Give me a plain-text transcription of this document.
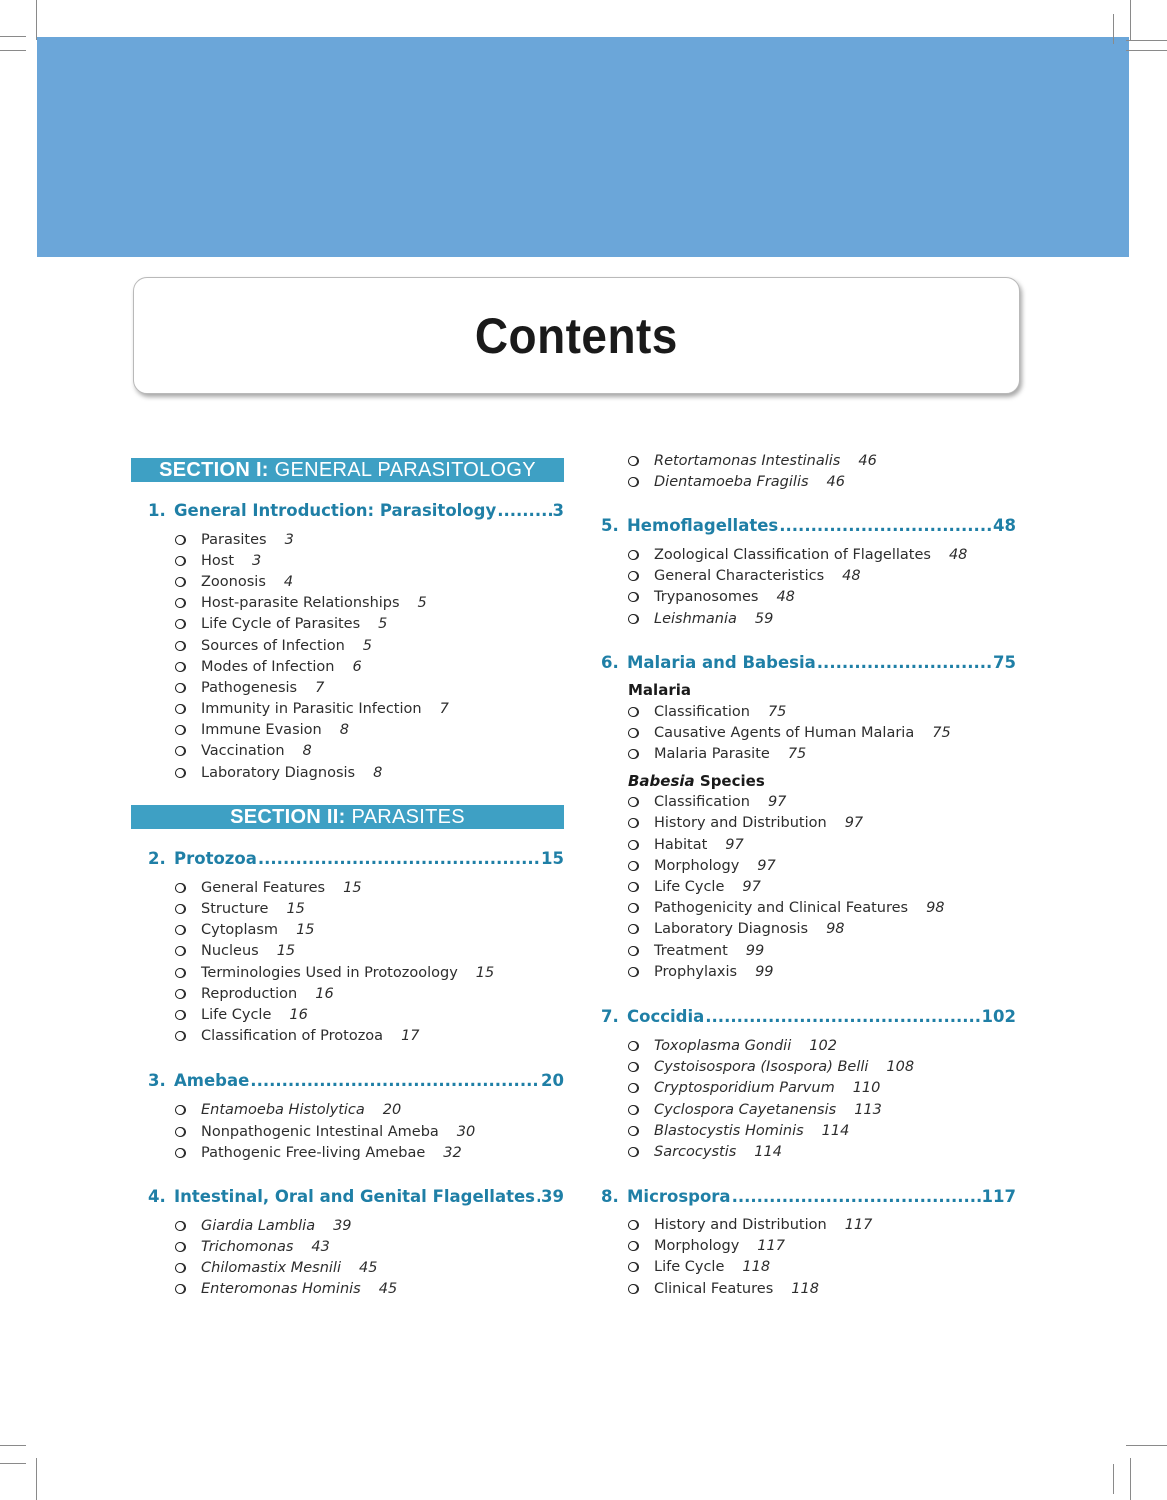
Contents
SECTION I: GENERAL PARASITOLOGY
1. General Introduction: Parasitology .....	3
Parasites 3
Host 3
Zoonosis 4
Host-parasite Relationships 5
Life Cycle of Parasites 5
Sources of Infection 5
Modes of Infection 6
Pathogenesis 7
Immunity in Parasitic Infection 7
Immune Evasion 8
Vaccination 8
Laboratory Diagnosis 8
SECTION II: PARASITES
2. Protozoa .....	15
General Features 15
Structure 15
Cytoplasm 15
Nucleus 15
Terminologies Used in Protozoology 15
Reproduction 16
Life Cycle 16
Classification of Protozoa 17
3. Amebae .....	20
Entamoeba Histolytica 20
Nonpathogenic Intestinal Ameba 30
Pathogenic Free-living Amebae 32
4. Intestinal, Oral and Genital Flagellates ..... 39
Giardia Lamblia 39
Trichomonas 43
Chilomastix Mesnili 45
Enteromonas Hominis 45
Retortamonas Intestinalis 46
Dientamoeba Fragilis 46
5. Hemoflagellates .....	48
Zoological Classification of Flagellates 48
General Characteristics 48
Trypanosomes 48
Leishmania 59
6. Malaria and Babesia .....	75
Malaria
Classification 75
Causative Agents of Human Malaria 75
Malaria Parasite 75
Babesia Species
Classification 97
History and Distribution 97
Habitat 97
Morphology 97
Life Cycle 97
Pathogenicity and Clinical Features 98
Laboratory Diagnosis 98
Treatment 99
Prophylaxis 99
7. Coccidia .....	102
Toxoplasma Gondii 102
Cystoisospora (Isospora) Belli 108
Cryptosporidium Parvum 110
Cyclospora Cayetanensis 113
Blastocystis Hominis 114
Sarcocystis 114
8. Microspora .....	117
History and Distribution 117
Morphology 117
Life Cycle 118
Clinical Features 118
